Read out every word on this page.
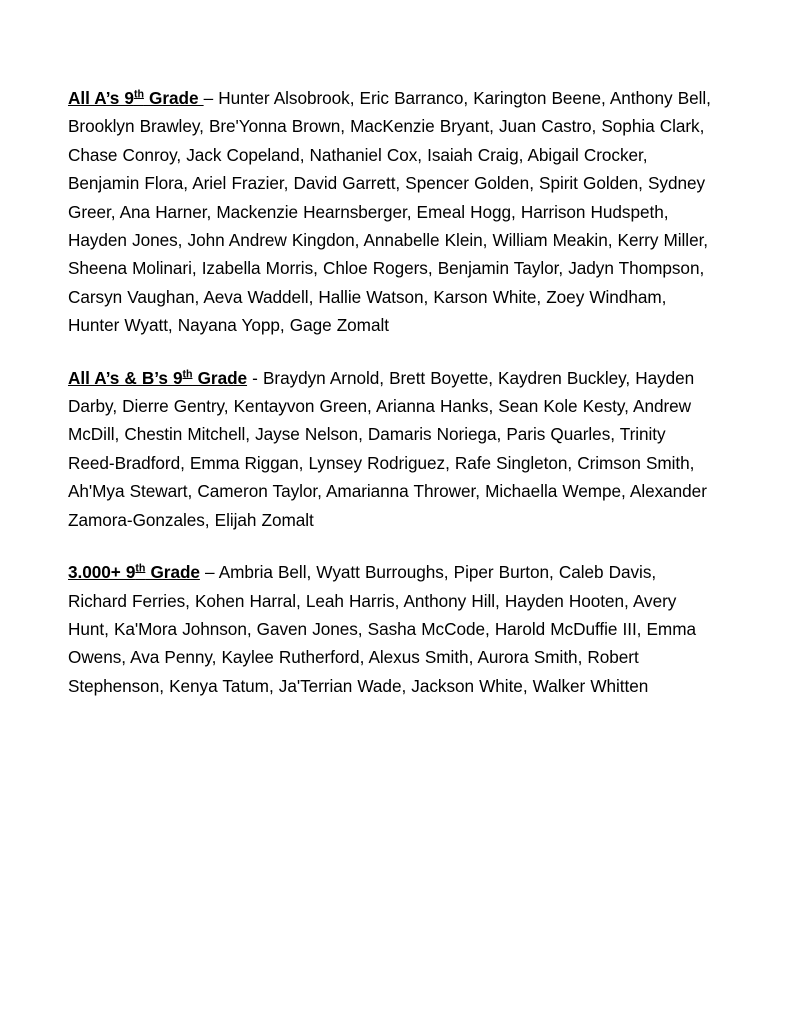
All A’s 9th Grade – Hunter Alsobrook, Eric Barranco, Karington Beene, Anthony Bell, Brooklyn Brawley, Bre'Yonna Brown, MacKenzie Bryant, Juan Castro, Sophia Clark, Chase Conroy, Jack Copeland, Nathaniel Cox, Isaiah Craig, Abigail Crocker, Benjamin Flora, Ariel Frazier, David Garrett, Spencer Golden, Spirit Golden, Sydney Greer, Ana Harner, Mackenzie Hearnsberger, Emeal Hogg, Harrison Hudspeth, Hayden Jones, John Andrew Kingdon, Annabelle Klein, William Meakin, Kerry Miller, Sheena Molinari, Izabella Morris, Chloe Rogers, Benjamin Taylor, Jadyn Thompson, Carsyn Vaughan, Aeva Waddell, Hallie Watson, Karson White, Zoey Windham, Hunter Wyatt, Nayana Yopp, Gage Zomalt

All A’s & B’s 9th Grade - Braydyn Arnold, Brett Boyette, Kaydren Buckley, Hayden Darby, Dierre Gentry, Kentayvon Green, Arianna Hanks, Sean Kole Kesty, Andrew McDill, Chestin Mitchell, Jayse Nelson, Damaris Noriega, Paris Quarles, Trinity Reed-Bradford, Emma Riggan, Lynsey Rodriguez, Rafe Singleton, Crimson Smith, Ah'Mya Stewart, Cameron Taylor, Amarianna Thrower, Michaella Wempe, Alexander Zamora-Gonzales, Elijah Zomalt

3.000+ 9th Grade – Ambria Bell, Wyatt Burroughs, Piper Burton, Caleb Davis, Richard Ferries, Kohen Harral, Leah Harris, Anthony Hill, Hayden Hooten, Avery Hunt, Ka'Mora Johnson, Gaven Jones, Sasha McCode, Harold McDuffie III, Emma Owens, Ava Penny, Kaylee Rutherford, Alexus Smith, Aurora Smith, Robert Stephenson, Kenya Tatum, Ja'Terrian Wade, Jackson White, Walker Whitten
